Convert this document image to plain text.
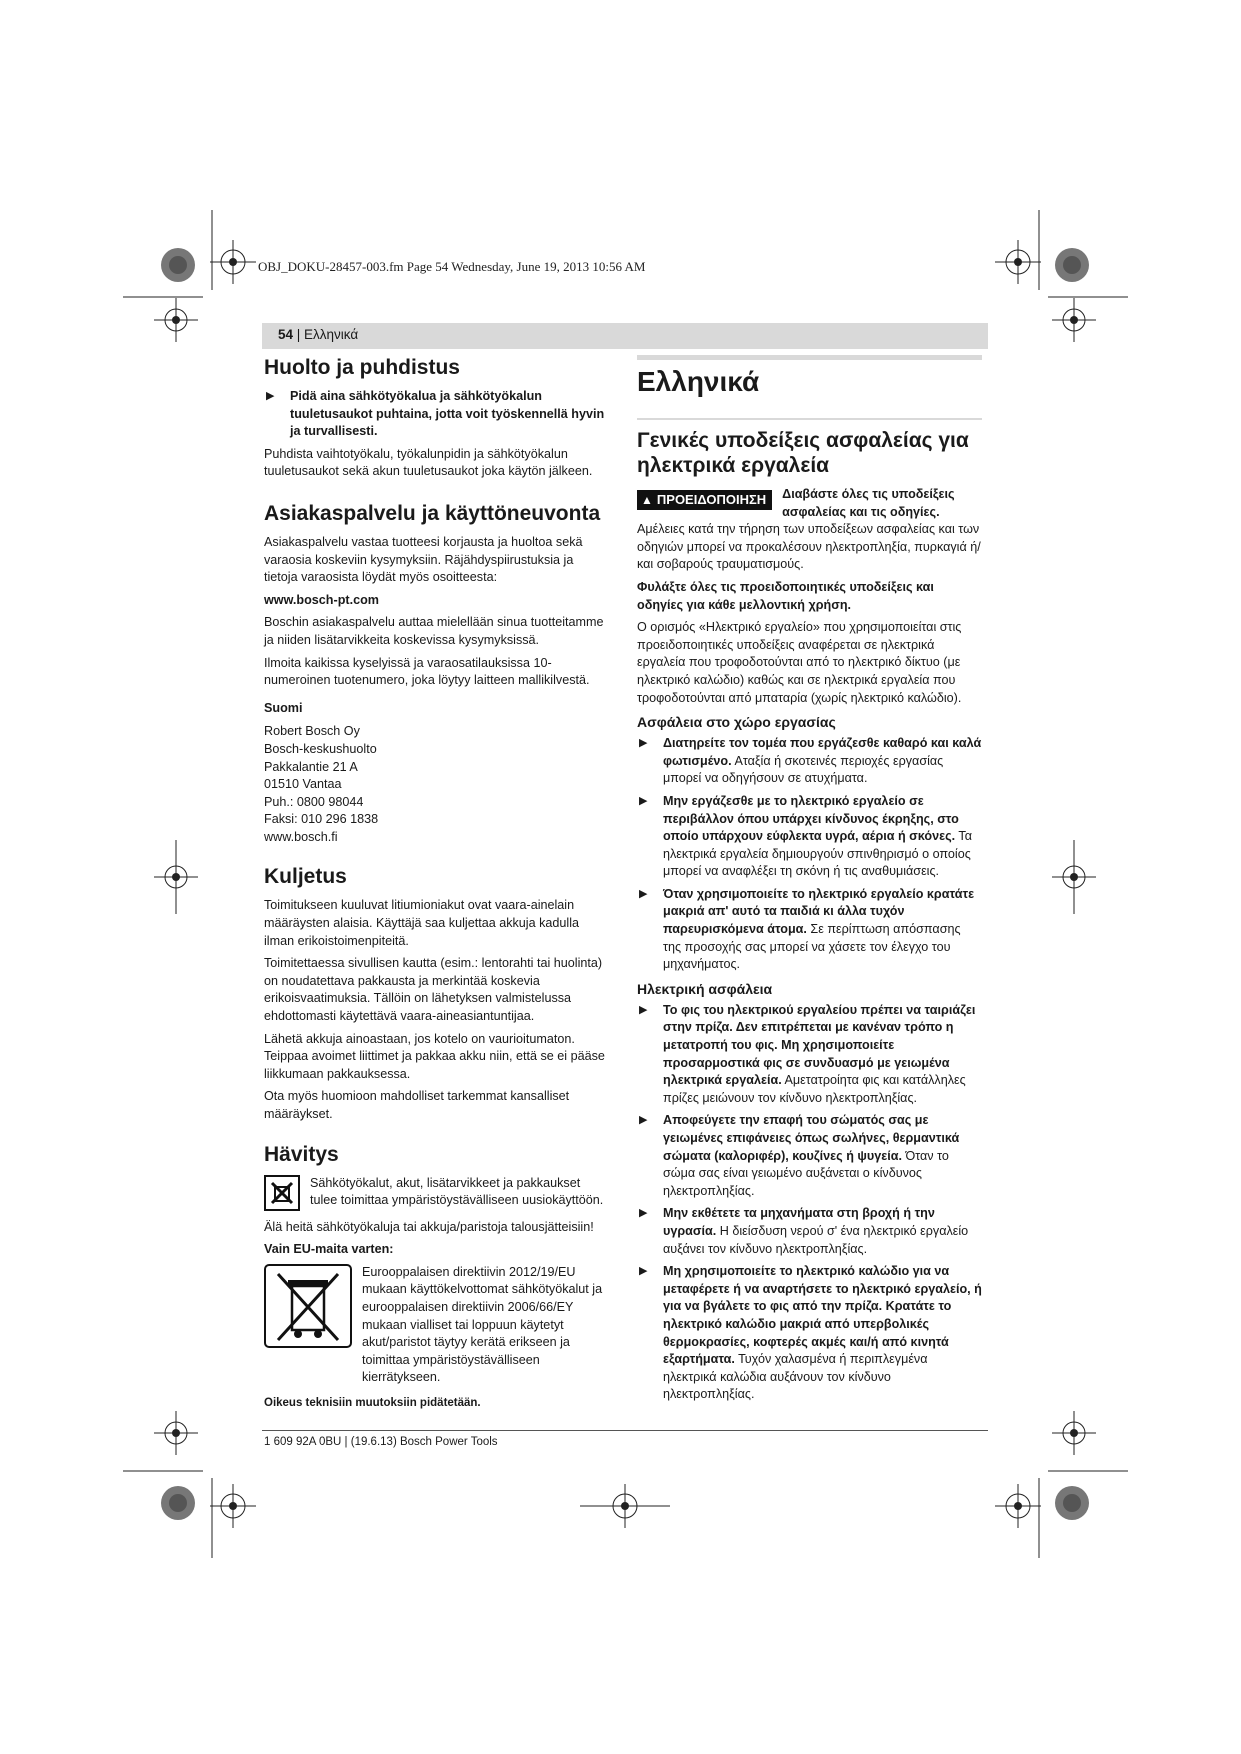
OBJ_DOKU-28457-003.fm Page 54 Wednesday, June 19, 2013 10:56 AM
54 | Ελληνικά
Huolto ja puhdistus
▶ Pidä aina sähkötyökalua ja sähkötyökalun tuuletusaukot puhtaina, jotta voit työskennellä hyvin ja turvallisesti.

Puhdista vaihtotyökalu, työkalunpidin ja sähkötyökalun tuuletusaukot sekä akun tuuletusaukot joka käytön jälkeen.

Asiakaspalvelu ja käyttöneuvonta

Asiakaspalvelu vastaa tuotteesi korjausta ja huoltoa sekä varaosia koskeviin kysymyksiin. Räjähdyspiirustuksia ja tietoja varaosista löydät myös osoitteesta:

www.bosch-pt.com

Boschin asiakaspalvelu auttaa mielellään sinua tuotteitamme ja niiden lisätarvikkeita koskevissa kysymyksissä.

Ilmoita kaikissa kyselyissä ja varaosatilauksissa 10-numeroinen tuotenumero, joka löytyy laitteen mallikilvestä.

Suomi

Robert Bosch Oy
Bosch-keskushuolto
Pakkalantie 21 A
01510 Vantaa
Puh.: 0800 98044
Faksi: 010 296 1838
www.bosch.fi
Kuljetus

Toimitukseen kuuluvat litiumioniakut ovat vaara-ainelain määräysten alaisia. Käyttäjä saa kuljettaa akkuja kadulla ilman erikoistoimenpiteitä.

Toimitettaessa sivullisen kautta (esim.: lentorahti tai huolinta) on noudatettava pakkausta ja merkintää koskevia erikoisvaatimuksia. Tällöin on lähetyksen valmistelussa ehdottomasti käytettävä vaara-aineasiantuntijaa.

Lähetä akkuja ainoastaan, jos kotelo on vaurioitumaton. Teippaa avoimet liittimet ja pakkaa akku niin, että se ei pääse liikkumaan pakkauksessa.

Ota myös huomioon mahdolliset tarkemmat kansalliset määräykset.

Hävitys
Sähkötyökalut, akut, lisätarvikkeet ja pakkaukset tulee toimittaa ympäristöystävälliseen uusiokäyttöön.

Älä heitä sähkötyökaluja tai akkuja/paristoja talousjätteisiin!

Vain EU-maita varten:

Eurooppalaisen direktiivin 2012/19/EU mukaan käyttökelvottomat sähkötyökalut ja eurooppalaisen direktiivin 2006/66/EY mukaan vialliset tai loppuun käytetyt akut/paristot täytyy kerätä erikseen ja toimittaa ympäristöystävälliseen kierrätykseen.

Oikeus teknisiin muutoksiin pidätetään.

Ελληνικά
Γενικές υποδείξεις ασφαλείας για ηλεκτρικά εργαλεία
▲ ΠΡΟΕΙΔΟΠΟΙΗΣΗ	Διαβάστε όλες τις υποδείξεις ασφαλείας και τις οδηγίες.

Αμέλειες κατά την τήρηση των υποδείξεων ασφαλείας και των οδηγιών μπορεί να προκαλέσουν ηλεκτροπληξία, πυρκαγιά ή/και σοβαρούς τραυματισμούς.

Φυλάξτε όλες τις προειδοποιητικές υποδείξεις και οδηγίες για κάθε μελλοντική χρήση.

Ο ορισμός «Ηλεκτρικό εργαλείο» που χρησιμοποιείται στις προειδοποιητικές υποδείξεις αναφέρεται σε ηλεκτρικά εργαλεία που τροφοδοτούνται από το ηλεκτρικό δίκτυο (με ηλεκτρικό καλώδιο) καθώς και σε ηλεκτρικά εργαλεία που τροφοδοτούνται από μπαταρία (χωρίς ηλεκτρικό καλώδιο).

Ασφάλεια στο χώρο εργασίας
▶ Διατηρείτε τον τομέα που εργάζεσθε καθαρό και καλά φωτισμένο. Αταξία ή σκοτεινές περιοχές εργασίας μπορεί να οδηγήσουν σε ατυχήματα.
▶ Μην εργάζεσθε με το ηλεκτρικό εργαλείο σε περιβάλλον όπου υπάρχει κίνδυνος έκρηξης, στο οποίο υπάρχουν εύφλεκτα υγρά, αέρια ή σκόνες. Τα ηλεκτρικά εργαλεία δημιουργούν σπινθηρισμό ο οποίος μπορεί να αναφλέξει τη σκόνη ή τις αναθυμιάσεις.
▶ Όταν χρησιμοποιείτε το ηλεκτρικό εργαλείο κρατάτε μακριά απ' αυτό τα παιδιά κι άλλα τυχόν παρευρισκόμενα άτομα. Σε περίπτωση απόσπασης της προσοχής σας μπορεί να χάσετε τον έλεγχο του μηχανήματος.
Ηλεκτρική ασφάλεια
▶ Το φις του ηλεκτρικού εργαλείου πρέπει να ταιριάζει στην πρίζα. Δεν επιτρέπεται με κανέναν τρόπο η μετατροπή του φις. Μη χρησιμοποιείτε προσαρμοστικά φις σε συνδυασμό με γειωμένα ηλεκτρικά εργαλεία. Αμετατροίητα φις και κατάλληλες πρίζες μειώνουν τον κίνδυνο ηλεκτροπληξίας.
▶ Αποφεύγετε την επαφή του σώματός σας με γειωμένες επιφάνειες όπως σωλήνες, θερμαντικά σώματα (καλοριφέρ), κουζίνες ή ψυγεία. Όταν το σώμα σας είναι γειωμένο αυξάνεται ο κίνδυνος ηλεκτροπληξίας.
▶ Μην εκθέτετε τα μηχανήματα στη βροχή ή την υγρασία. Η διείσδυση νερού σ' ένα ηλεκτρικό εργαλείο αυξάνει τον κίνδυνο ηλεκτροπληξίας.
▶ Μη χρησιμοποιείτε το ηλεκτρικό καλώδιο για να μεταφέρετε ή να αναρτήσετε το ηλεκτρικό εργαλείο, ή για να βγάλετε το φις από την πρίζα. Κρατάτε το ηλεκτρικό καλώδιο μακριά από υπερβολικές θερμοκρασίες, κοφτερές ακμές και/ή από κινητά εξαρτήματα. Τυχόν χαλασμένα ή περιπλεγμένα ηλεκτρικά καλώδια αυξάνουν τον κίνδυνο ηλεκτροπληξίας.
1 609 92A 0BU | (19.6.13) Bosch Power Tools
